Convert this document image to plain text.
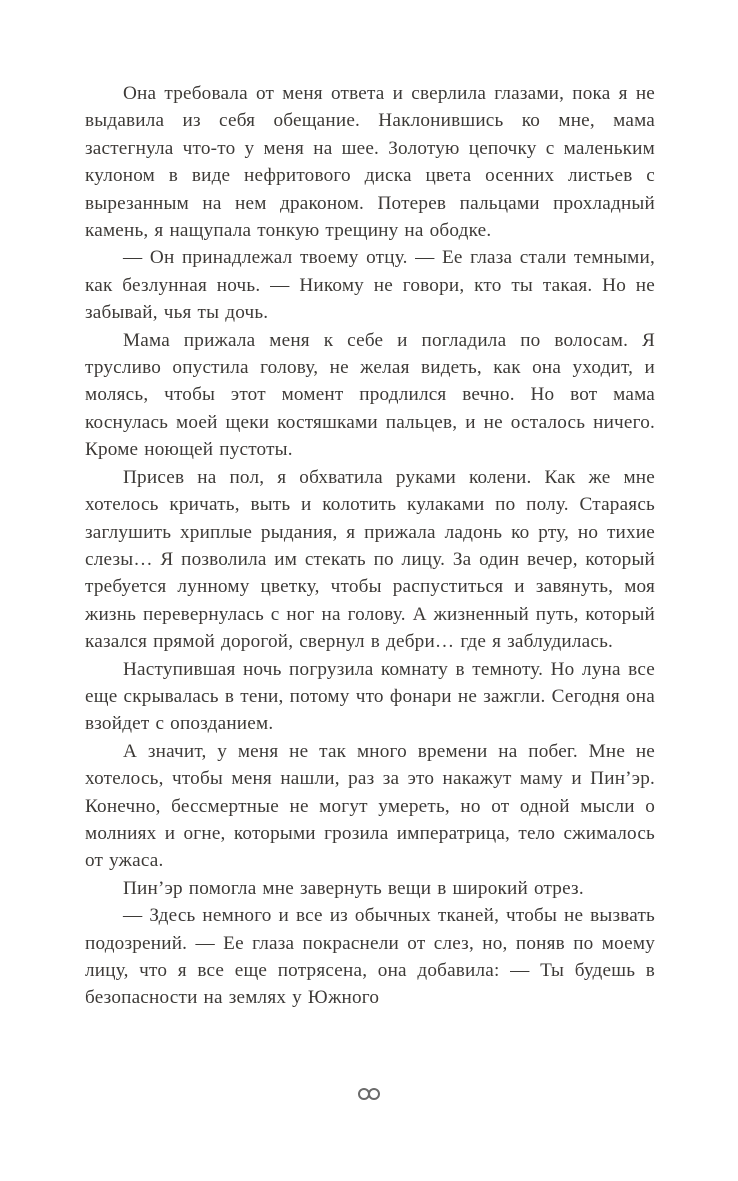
Она требовала от меня ответа и сверлила глазами, пока я не выдавила из себя обещание. Наклонившись ко мне, мама застегнула что-то у меня на шее. Золотую цепочку с маленьким кулоном в виде нефритового диска цвета осенних листьев с вырезанным на нем драконом. Потерев пальцами прохладный камень, я нащупала тонкую трещину на ободке.

— Он принадлежал твоему отцу. — Ее глаза стали темными, как безлунная ночь. — Никому не говори, кто ты такая. Но не забывай, чья ты дочь.

Мама прижала меня к себе и погладила по волосам. Я трусливо опустила голову, не желая видеть, как она уходит, и молясь, чтобы этот момент продлился вечно. Но вот мама коснулась моей щеки костяшками пальцев, и не осталось ничего. Кроме ноющей пустоты.

Присев на пол, я обхватила руками колени. Как же мне хотелось кричать, выть и колотить кулаками по полу. Стараясь заглушить хриплые рыдания, я прижала ладонь ко рту, но тихие слезы… Я позволила им стекать по лицу. За один вечер, который требуется лунному цветку, чтобы распуститься и завянуть, моя жизнь перевернулась с ног на голову. А жизненный путь, который казался прямой дорогой, свернул в дебри… где я заблудилась.

Наступившая ночь погрузила комнату в темноту. Но луна все еще скрывалась в тени, потому что фонари не зажгли. Сегодня она взойдет с опозданием.

А значит, у меня не так много времени на побег. Мне не хотелось, чтобы меня нашли, раз за это накажут маму и Пин’эр. Конечно, бессмертные не могут умереть, но от одной мысли о молниях и огне, которыми грозила императрица, тело сжималось от ужаса.

Пин’эр помогла мне завернуть вещи в широкий отрез.

— Здесь немного и все из обычных тканей, чтобы не вызвать подозрений. — Ее глаза покраснели от слез, но, поняв по моему лицу, что я все еще потрясена, она добавила: — Ты будешь в безопасности на землях у Южного
